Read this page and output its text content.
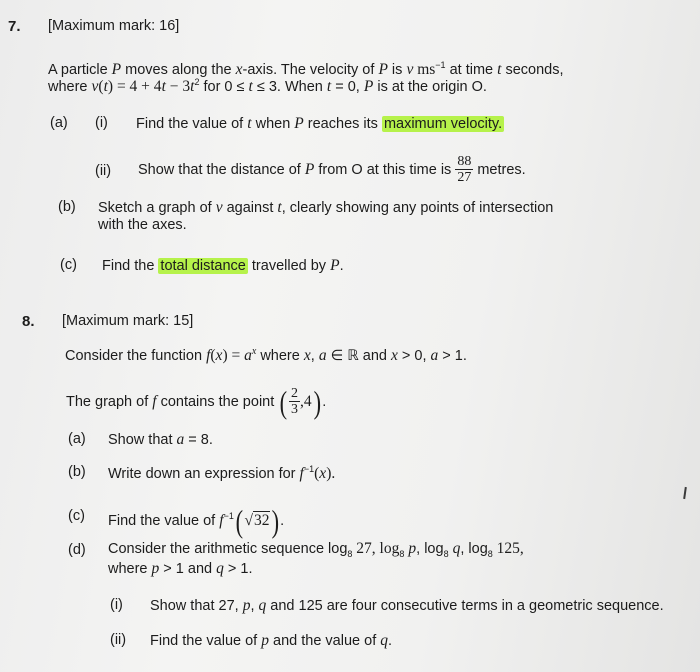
7. [Maximum mark: 16]
A particle P moves along the x-axis. The velocity of P is v $ms^{-1}$ at time t seconds,
where $v(t) = 4 + 4t - 3t^2$ for 0 ≤ t ≤ 3. When t = 0, P is at the origin O.
(a) (i) Find the value of t when P reaches its maximum velocity.
(ii) Show that the distance of P from O at this time is $\frac{88}{27}$ metres.
(b) Sketch a graph of v against t, clearly showing any points of intersection
with the axes.
(c) Find the total distance travelled by P.
8. [Maximum mark: 15]
Consider the function $f(x) = a^x$ where x, a ∈ ℝ and x > 0, a > 1.
The graph of f contains the point ( $\frac{2}{3} ,4$) .
(a) Show that a = 8.
(b) Write down an expression for $f^{-1}(x)$.
(c) Find the value of $f^{-1}$( √32) .
(d) Consider the arithmetic sequence $\log_8 27$, $\log_8 p$, $\log_8 q$, $\log_8 125$,
where p > 1 and q > 1.
(i) Show that 27, p, q and 125 are four consecutive terms in a geometric sequence.
(ii) Find the value of p and the value of q.
